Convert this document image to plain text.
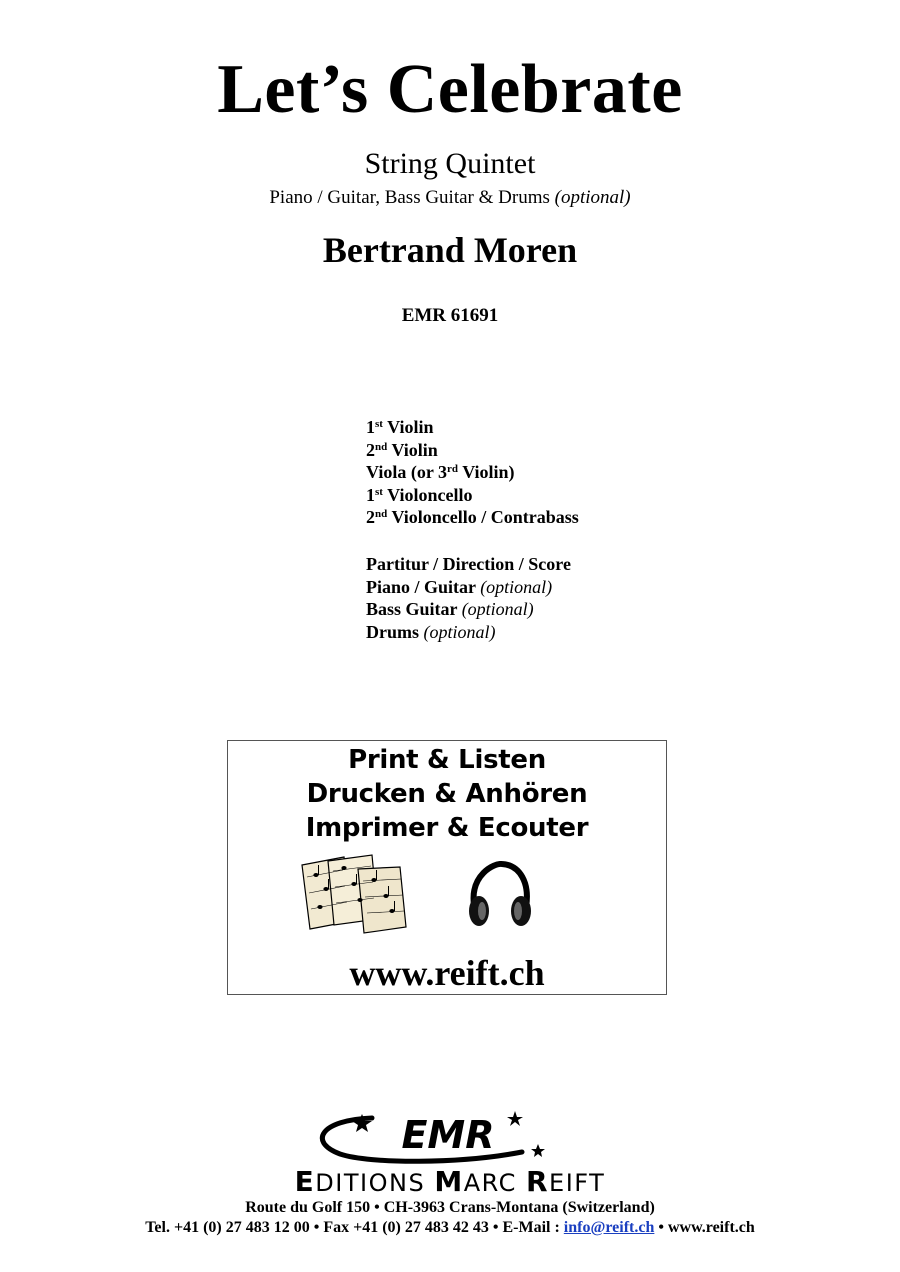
Let’s Celebrate
String Quintet
Piano / Guitar, Bass Guitar & Drums (optional)
Bertrand Moren
EMR 61691
1st Violin
2nd Violin
Viola (or 3rd Violin)
1st Violoncello
2nd Violoncello / Contrabass
Partitur / Direction / Score
Piano / Guitar (optional)
Bass Guitar (optional)
Drums (optional)
Print & Listen
Drucken & Anhören
Imprimer & Ecouter
www.reift.ch
EMR
EDITIONS MARC REIFT
Route du Golf 150 • CH-3963 Crans-Montana (Switzerland)
Tel. +41 (0) 27 483 12 00 • Fax +41 (0) 27 483 42 43 • E-Mail : info@reift.ch • www.reift.ch
